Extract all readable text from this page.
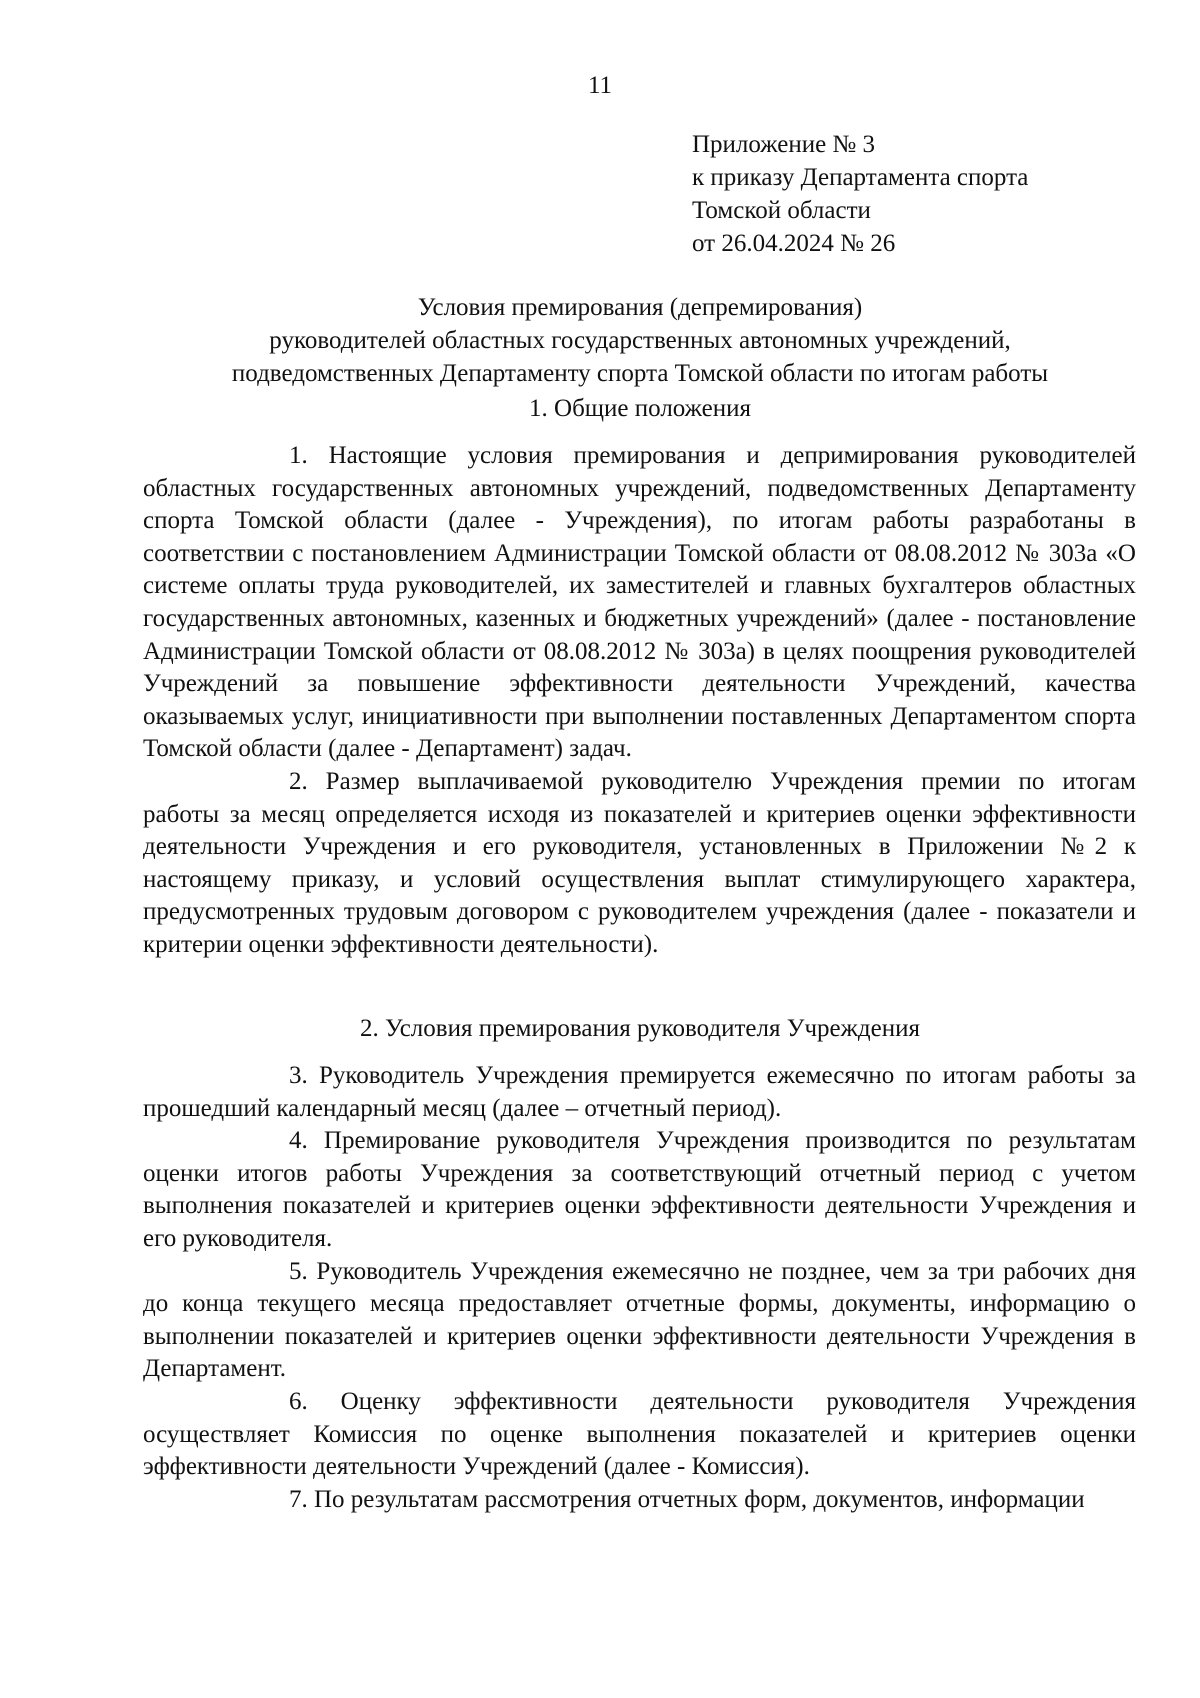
11
Приложение № 3
к приказу Департамента спорта
Томской области
от 26.04.2024 № 26
Условия премирования (депремирования)
руководителей областных государственных автономных учреждений,
подведомственных Департаменту спорта Томской области по итогам работы
1. Общие положения

1. Настоящие условия премирования и депримирования руководителей областных государственных автономных учреждений, подведомственных Департаменту спорта Томской области (далее - Учреждения), по итогам работы разработаны в соответствии с постановлением Администрации Томской области от 08.08.2012 № 303а «О системе оплаты труда руководителей, их заместителей и главных бухгалтеров областных государственных автономных, казенных и бюджетных учреждений» (далее - постановление Администрации Томской области от 08.08.2012 № 303а) в целях поощрения руководителей Учреждений за повышение эффективности деятельности Учреждений, качества оказываемых услуг, инициативности при выполнении поставленных Департаментом спорта Томской области (далее - Департамент) задач.

2. Размер выплачиваемой руководителю Учреждения премии по итогам работы за месяц определяется исходя из показателей и критериев оценки эффективности деятельности Учреждения и его руководителя, установленных в Приложении №2 к настоящему приказу, и условий осуществления выплат стимулирующего характера, предусмотренных трудовым договором с руководителем учреждения (далее - показатели и критерии оценки эффективности деятельности).

2. Условия премирования руководителя Учреждения

3. Руководитель Учреждения премируется ежемесячно по итогам работы за прошедший календарный месяц (далее – отчетный период).

4. Премирование руководителя Учреждения производится по результатам оценки итогов работы Учреждения за соответствующий отчетный период с учетом выполнения показателей и критериев оценки эффективности деятельности Учреждения и его руководителя.

5. Руководитель Учреждения ежемесячно не позднее, чем за три рабочих дня до конца текущего месяца предоставляет отчетные формы, документы, информацию о выполнении показателей и критериев оценки эффективности деятельности Учреждения в Департамент.

6. Оценку эффективности деятельности руководителя Учреждения осуществляет Комиссия по оценке выполнения показателей и критериев оценки эффективности деятельности Учреждений (далее - Комиссия).

7. По результатам рассмотрения отчетных форм, документов, информации
